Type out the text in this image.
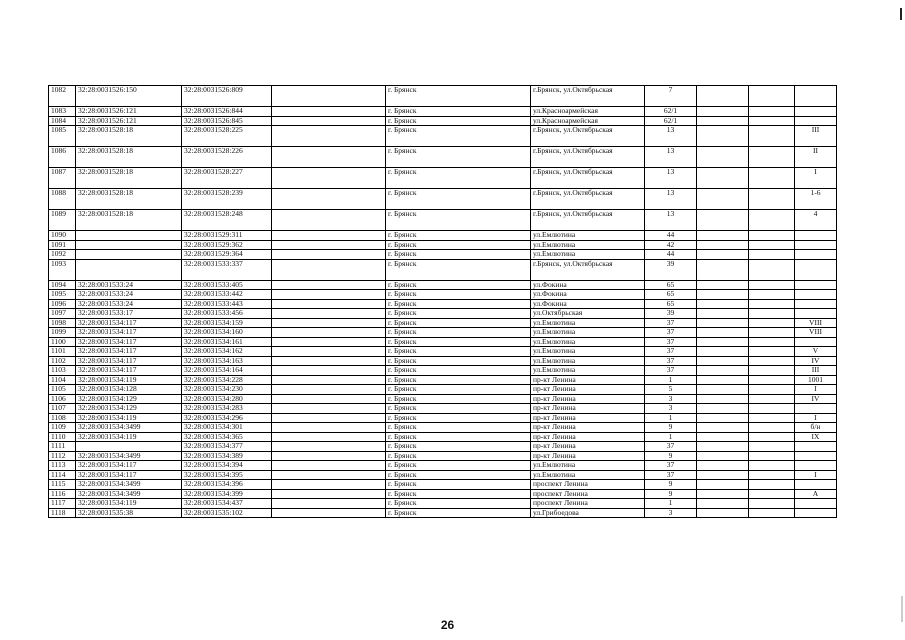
1082	32:28:0031526:150	32:28:0031526:809		г. Брянск	г.Брянск, ул.Октябрьская	7			
1083	32:28:0031526:121	32:28:0031526:844		г. Брянск	ул.Красноармейская	62/1			
1084	32:28:0031526:121	32:28:0031526:845		г. Брянск	ул.Красноармейская	62/1			
1085	32:28:0031528:18	32:28:0031528:225		г. Брянск	г.Брянск, ул.Октябрьская	13			III
1086	32:28:0031528:18	32:28:0031528:226		г. Брянск	г.Брянск, ул.Октябрьская	13			II
1087	32:28:0031528:18	32:28:0031528:227		г. Брянск	г.Брянск, ул.Октябрьская	13			I
1088	32:28:0031528:18	32:28:0031528:239		г. Брянск	г.Брянск, ул.Октябрьская	13			1-6
1089	32:28:0031528:18	32:28:0031528:248		г. Брянск	г.Брянск, ул.Октябрьская	13			4
1090		32:28:0031529:311		г. Брянск	ул.Емлютина	44			
1091		32:28:0031529:362		г. Брянск	ул.Емлютина	42			
1092		32:28:0031529:364		г. Брянск	ул.Емлютина	44			
1093		32:28:0031533:337		г. Брянск	г.Брянск, ул.Октябрьская	39			
1094	32:28:0031533:24	32:28:0031533:405		г. Брянск	ул.Фокина	65			
1095	32:28:0031533:24	32:28:0031533:442		г. Брянск	ул.Фокина	65			
1096	32:28:0031533:24	32:28:0031533:443		г. Брянск	ул.Фокина	65			
1097	32:28:0031533:17	32:28:0031533:456		г. Брянск	ул.Октябрьская	39			
1098	32:28:0031534:117	32:28:0031534:159		г. Брянск	ул.Емлютина	37			VIII
1099	32:28:0031534:117	32:28:0031534:160		г. Брянск	ул.Емлютина	37			VIII
1100	32:28:0031534:117	32:28:0031534:161		г. Брянск	ул.Емлютина	37			
1101	32:28:0031534:117	32:28:0031534:162		г. Брянск	ул.Емлютина	37			V
1102	32:28:0031534:117	32:28:0031534:163		г. Брянск	ул.Емлютина	37			IV
1103	32:28:0031534:117	32:28:0031534:164		г. Брянск	ул.Емлютина	37			III
1104	32:28:0031534:119	32:28:0031534:228		г. Брянск	пр-кт Ленина	1			1001
1105	32:28:0031534:128	32:28:0031534:230		г. Брянск	пр-кт Ленина	5			I
1106	32:28:0031534:129	32:28:0031534:280		г. Брянск	пр-кт Ленина	3			IV
1107	32:28:0031534:129	32:28:0031534:283		г. Брянск	пр-кт Ленина	3			
1108	32:28:0031534:119	32:28:0031534:296		г. Брянск	пр-кт Ленина	1			I
1109	32:28:0031534:3499	32:28:0031534:301		г. Брянск	пр-кт Ленина	9			б/н
1110	32:28:0031534:119	32:28:0031534:365		г. Брянск	пр-кт Ленина	1			IX
1111		32:28:0031534:377		г. Брянск	пр-кт Ленина	37			
1112	32:28:0031534:3499	32:28:0031534:389		г. Брянск	пр-кт Ленина	9			
1113	32:28:0031534:117	32:28:0031534:394		г. Брянск	ул.Емлютина	37			
1114	32:28:0031534:117	32:28:0031534:395		г. Брянск	ул.Емлютина	37			I
1115	32:28:0031534:3499	32:28:0031534:396		г. Брянск	проспект Ленина	9			
1116	32:28:0031534:3499	32:28:0031534:399		г. Брянск	проспект Ленина	9			А
1117	32:28:0031534:119	32:28:0031534:437		г. Брянск	проспект Ленина	1			
1118	32:28:0031535:38	32:28:0031535:102		г. Брянск	ул.Грибоедова	3			
26
